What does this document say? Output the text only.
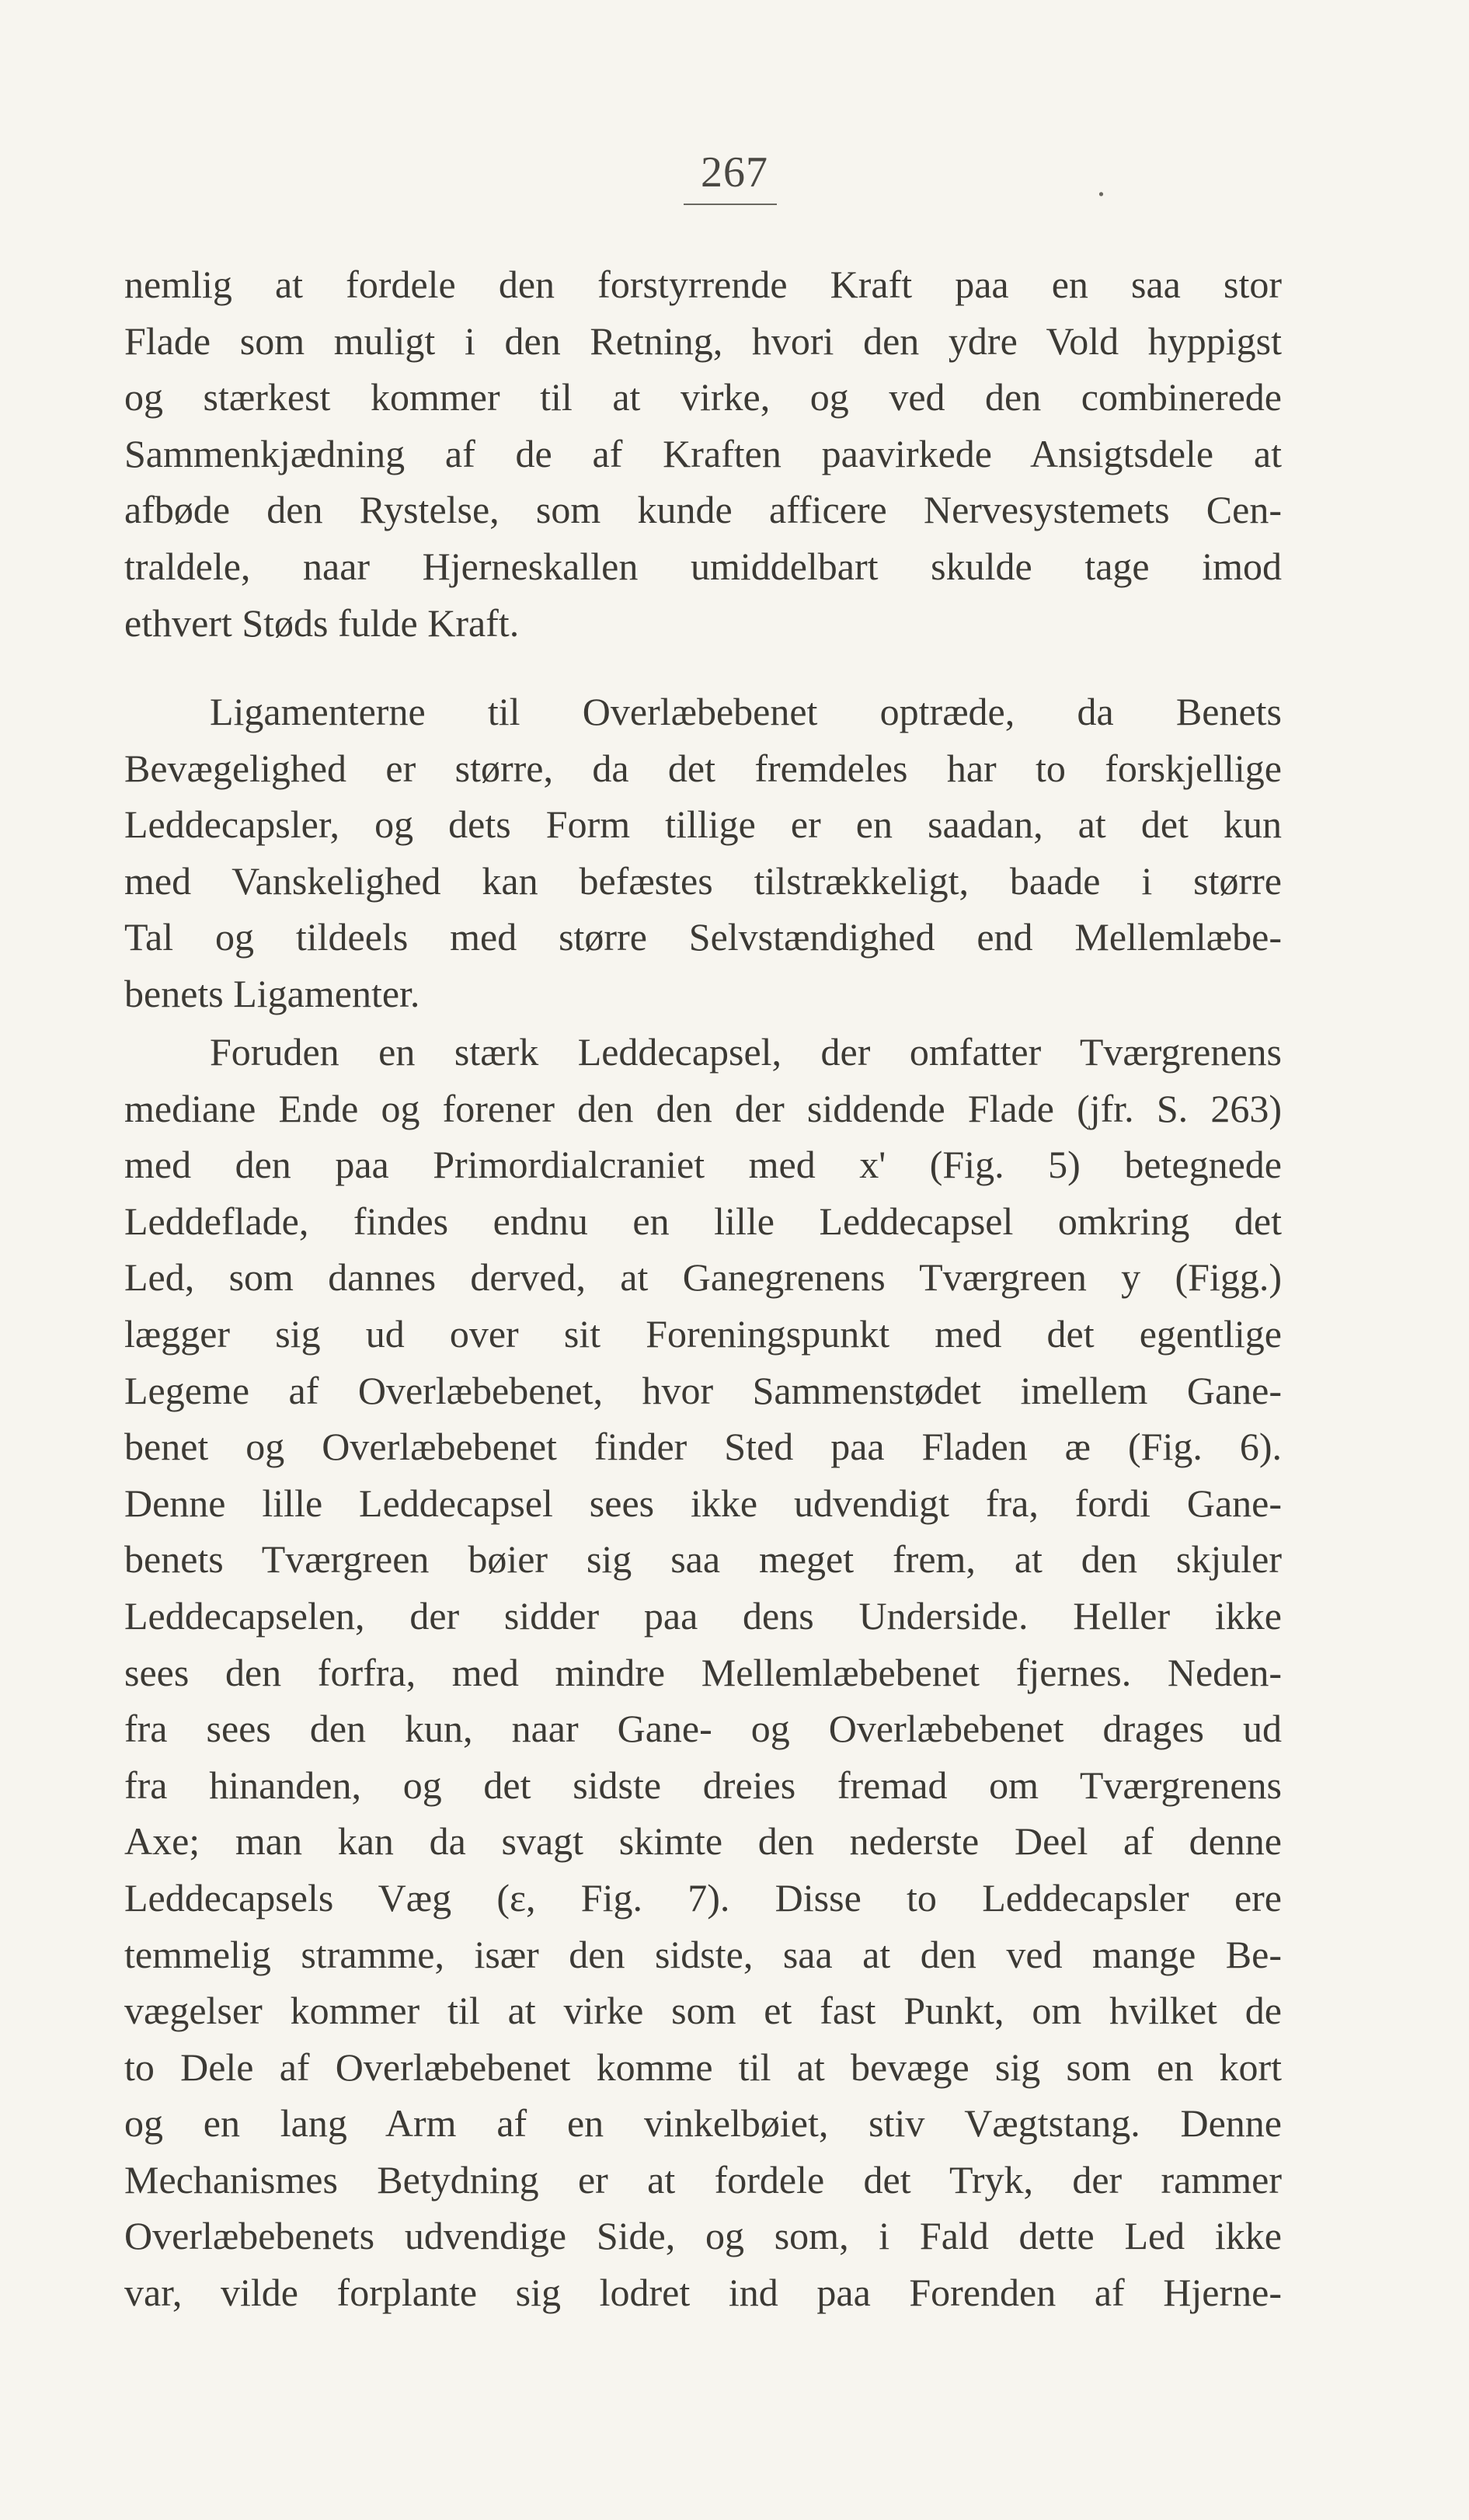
267	.
nemlig at fordele den forstyrrende Kraft paa en saa stor
Flade som muligt i den Retning, hvori den ydre Vold hyppigst
og stærkest kommer til at virke, og ved den combinerede
Sammenkjædning af de af Kraften paavirkede Ansigtsdele at
afbøde den Rystelse, som kunde afficere Nervesystemets Cen-
traldele, naar Hjerneskallen umiddelbart skulde tage imod
ethvert Støds fulde Kraft.
Ligamenterne til Overlæbebenet optræde, da Benets
Bevægelighed er større, da det fremdeles har to forskjellige
Leddecapsler, og dets Form tillige er en saadan, at det kun
med Vanskelighed kan befæstes tilstrækkeligt, baade i større
Tal og tildeels med større Selvstændighed end Mellemlæbe-
benets Ligamenter.
Foruden en stærk Leddecapsel, der omfatter Tværgrenens
mediane Ende og forener den den der siddende Flade (jfr. S. 263)
med den paa Primordialcraniet med x' (Fig. 5) betegnede
Leddeflade, findes endnu en lille Leddecapsel omkring det
Led, som dannes derved, at Ganegrenens Tværgreen y (Figg.)
lægger sig ud over sit Foreningspunkt med det egentlige
Legeme af Overlæbebenet, hvor Sammenstødet imellem Gane-
benet og Overlæbebenet finder Sted paa Fladen æ (Fig. 6).
Denne lille Leddecapsel sees ikke udvendigt fra, fordi Gane-
benets Tværgreen bøier sig saa meget frem, at den skjuler
Leddecapselen, der sidder paa dens Underside. Heller ikke
sees den forfra, med mindre Mellemlæbebenet fjernes. Neden-
fra sees den kun, naar Gane- og Overlæbebenet drages ud
fra hinanden, og det sidste dreies fremad om Tværgrenens
Axe; man kan da svagt skimte den nederste Deel af denne
Leddecapsels Væg (ε, Fig. 7). Disse to Leddecapsler ere
temmelig stramme, især den sidste, saa at den ved mange Be-
vægelser kommer til at virke som et fast Punkt, om hvilket de
to Dele af Overlæbebenet komme til at bevæge sig som en kort
og en lang Arm af en vinkelbøiet, stiv Vægtstang. Denne
Mechanismes Betydning er at fordele det Tryk, der rammer
Overlæbebenets udvendige Side, og som, i Fald dette Led ikke
var, vilde forplante sig lodret ind paa Forenden af Hjerne-
